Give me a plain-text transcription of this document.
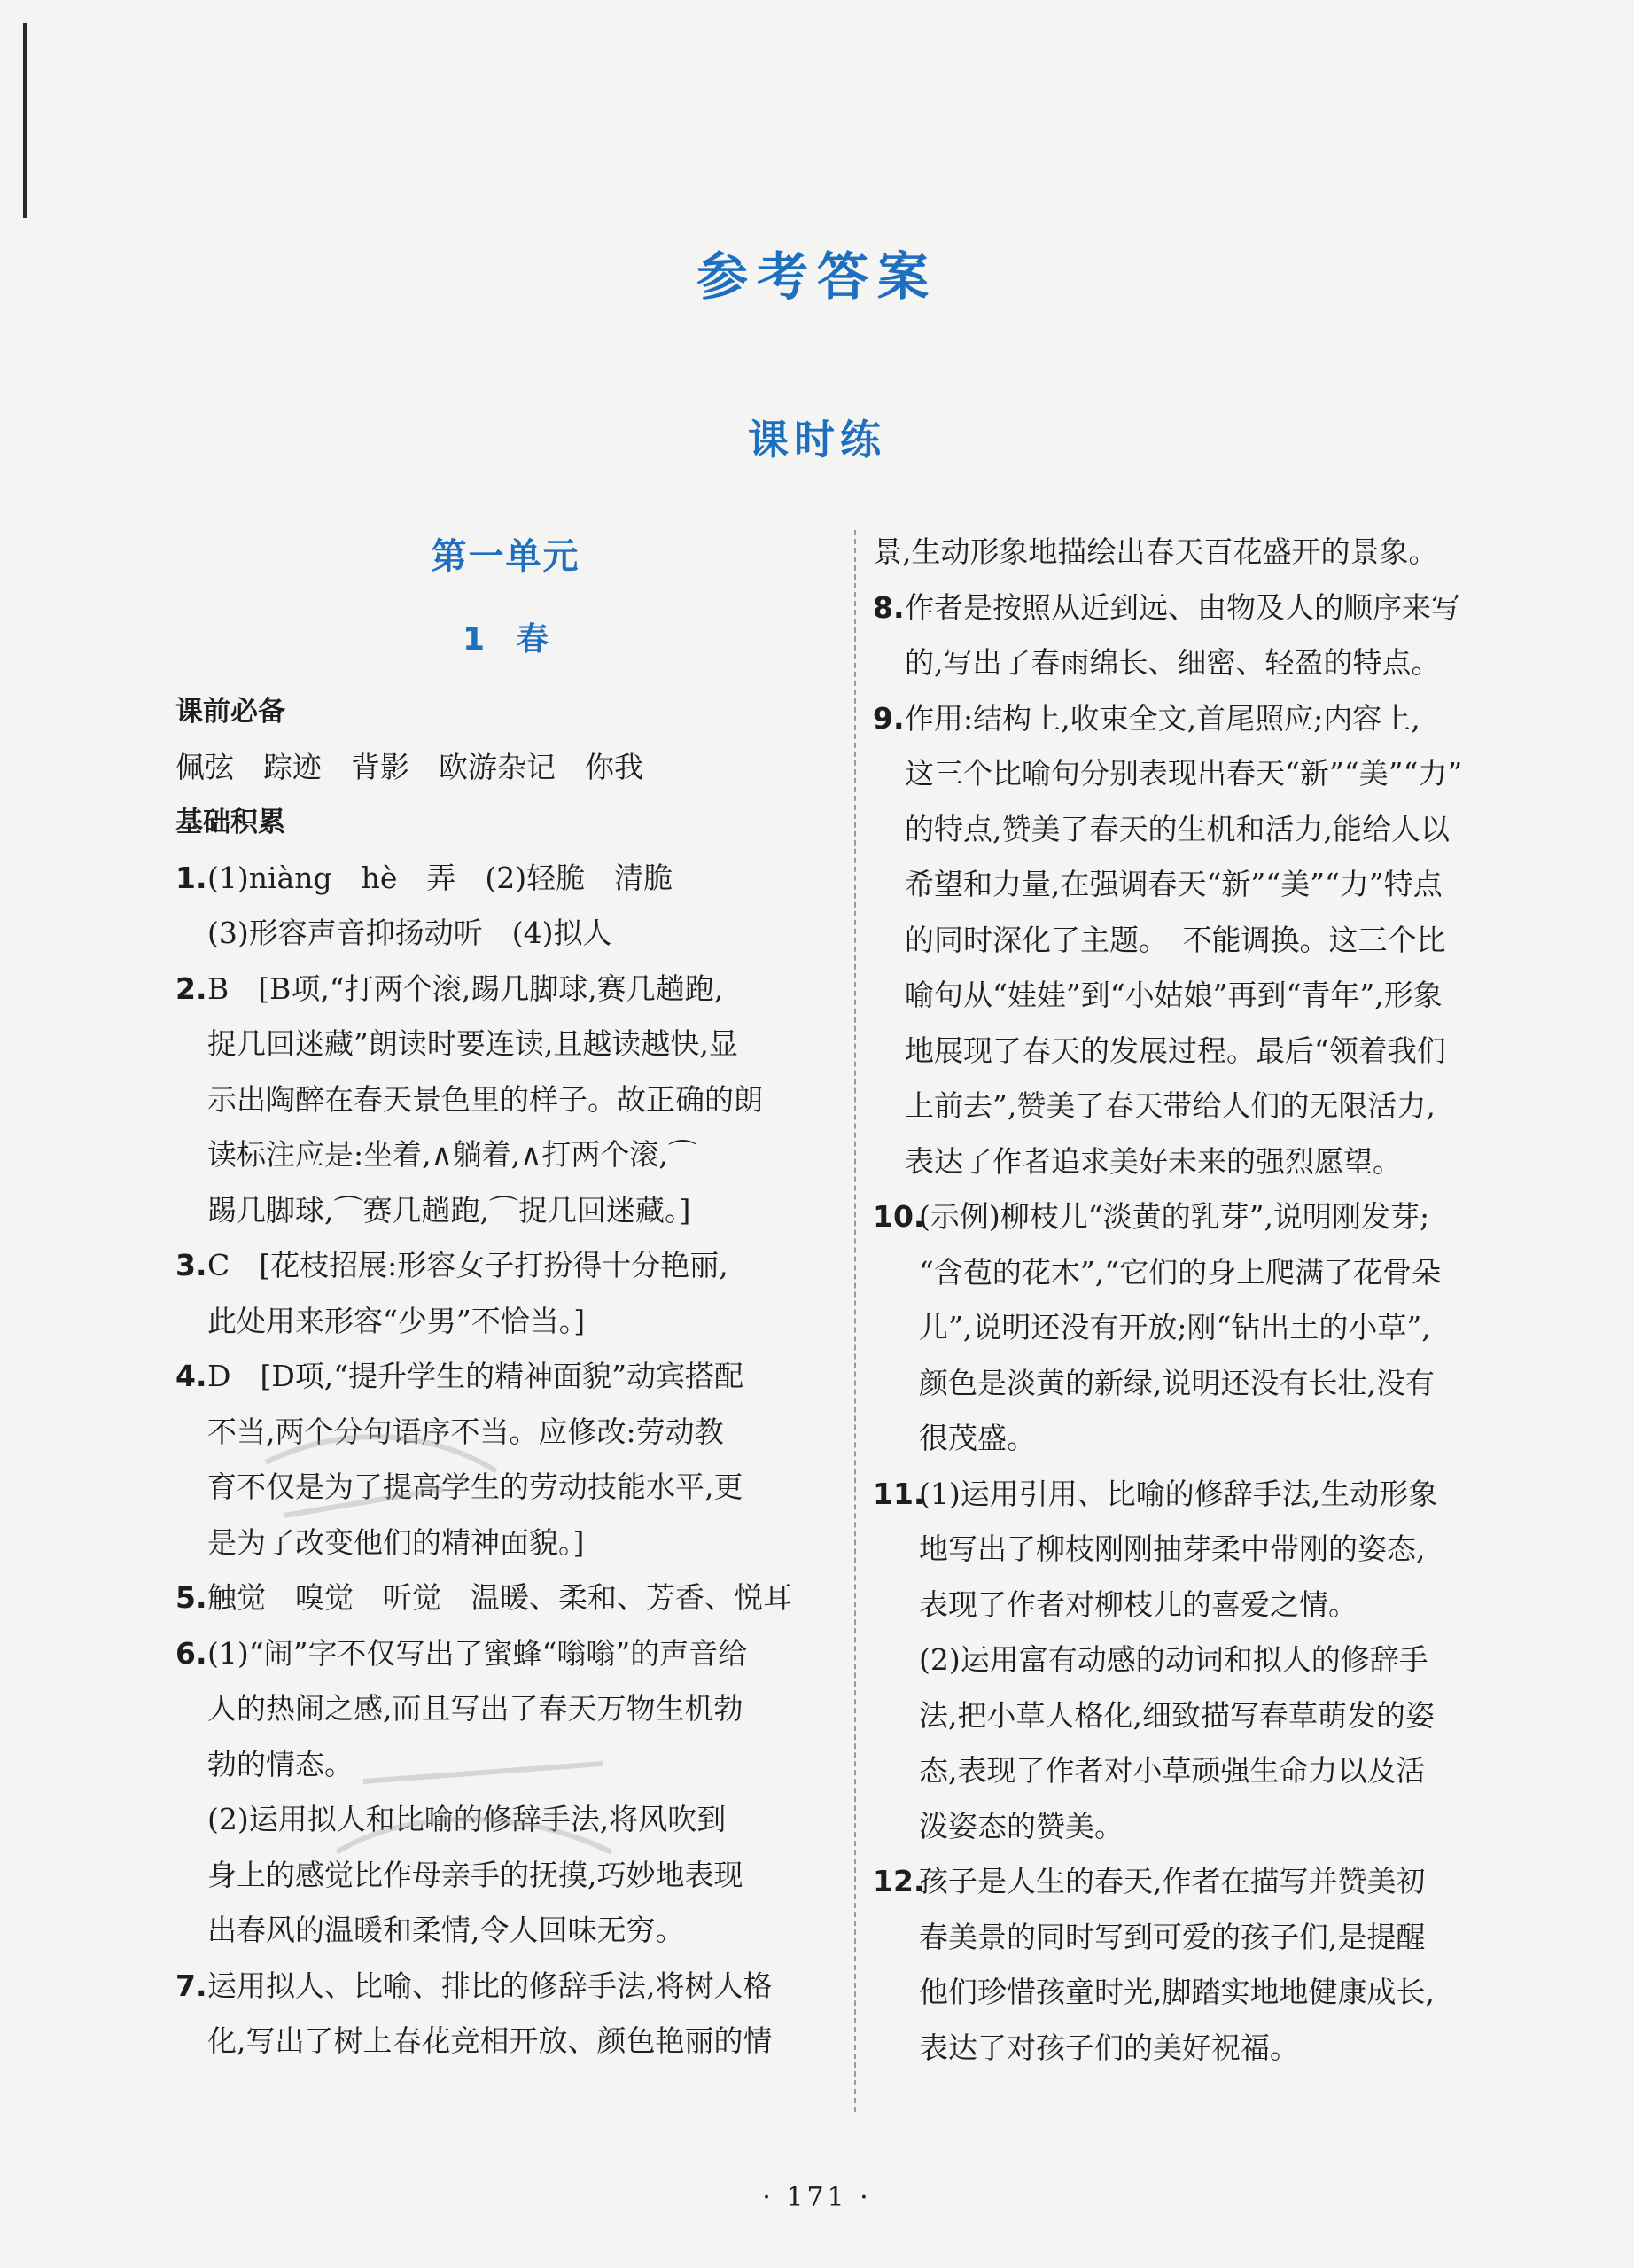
参考答案
课时练
第一单元
1　春
课前必备
佩弦　踪迹　背影　欧游杂记　你我
基础积累
1. (1)niàng　hè　弄　(2)轻脆　清脆
(3)形容声音抑扬动听　(4)拟人
2. B　[B项,“打两个滚,踢几脚球,赛几趟跑,
捉几回迷藏”朗读时要连读,且越读越快,显
示出陶醉在春天景色里的样子。故正确的朗
读标注应是:坐着,∧躺着,∧打两个滚,⌒
踢几脚球,⌒赛几趟跑,⌒捉几回迷藏。]
3. C　[花枝招展:形容女子打扮得十分艳丽,
此处用来形容“少男”不恰当。]
4. D　[D项,“提升学生的精神面貌”动宾搭配
不当,两个分句语序不当。应修改:劳动教
育不仅是为了提高学生的劳动技能水平,更
是为了改变他们的精神面貌。]
5. 触觉　嗅觉　听觉　温暖、柔和、芳香、悦耳
6. (1)“闹”字不仅写出了蜜蜂“嗡嗡”的声音给
人的热闹之感,而且写出了春天万物生机勃
勃的情态。
(2)运用拟人和比喻的修辞手法,将风吹到
身上的感觉比作母亲手的抚摸,巧妙地表现
出春风的温暖和柔情,令人回味无穷。
7. 运用拟人、比喻、排比的修辞手法,将树人格
化,写出了树上春花竞相开放、颜色艳丽的情
景,生动形象地描绘出春天百花盛开的景象。
8. 作者是按照从近到远、由物及人的顺序来写
的,写出了春雨绵长、细密、轻盈的特点。
9. 作用:结构上,收束全文,首尾照应;内容上,
这三个比喻句分别表现出春天“新”“美”“力”
的特点,赞美了春天的生机和活力,能给人以
希望和力量,在强调春天“新”“美”“力”特点
的同时深化了主题。　不能调换。这三个比
喻句从“娃娃”到“小姑娘”再到“青年”,形象
地展现了春天的发展过程。最后“领着我们
上前去”,赞美了春天带给人们的无限活力,
表达了作者追求美好未来的强烈愿望。
10.
(示例)柳枝儿“淡黄的乳芽”,说明刚发芽;
“含苞的花木”,“它们的身上爬满了花骨朵
儿”,说明还没有开放;刚“钻出土的小草”,
颜色是淡黄的新绿,说明还没有长壮,没有
很茂盛。
11.
(1)运用引用、比喻的修辞手法,生动形象
地写出了柳枝刚刚抽芽柔中带刚的姿态,
表现了作者对柳枝儿的喜爱之情。
(2)运用富有动感的动词和拟人的修辞手
法,把小草人格化,细致描写春草萌发的姿
态,表现了作者对小草顽强生命力以及活
泼姿态的赞美。
12.
孩子是人生的春天,作者在描写并赞美初
春美景的同时写到可爱的孩子们,是提醒
他们珍惜孩童时光,脚踏实地地健康成长,
表达了对孩子们的美好祝福。
· 171 ·
